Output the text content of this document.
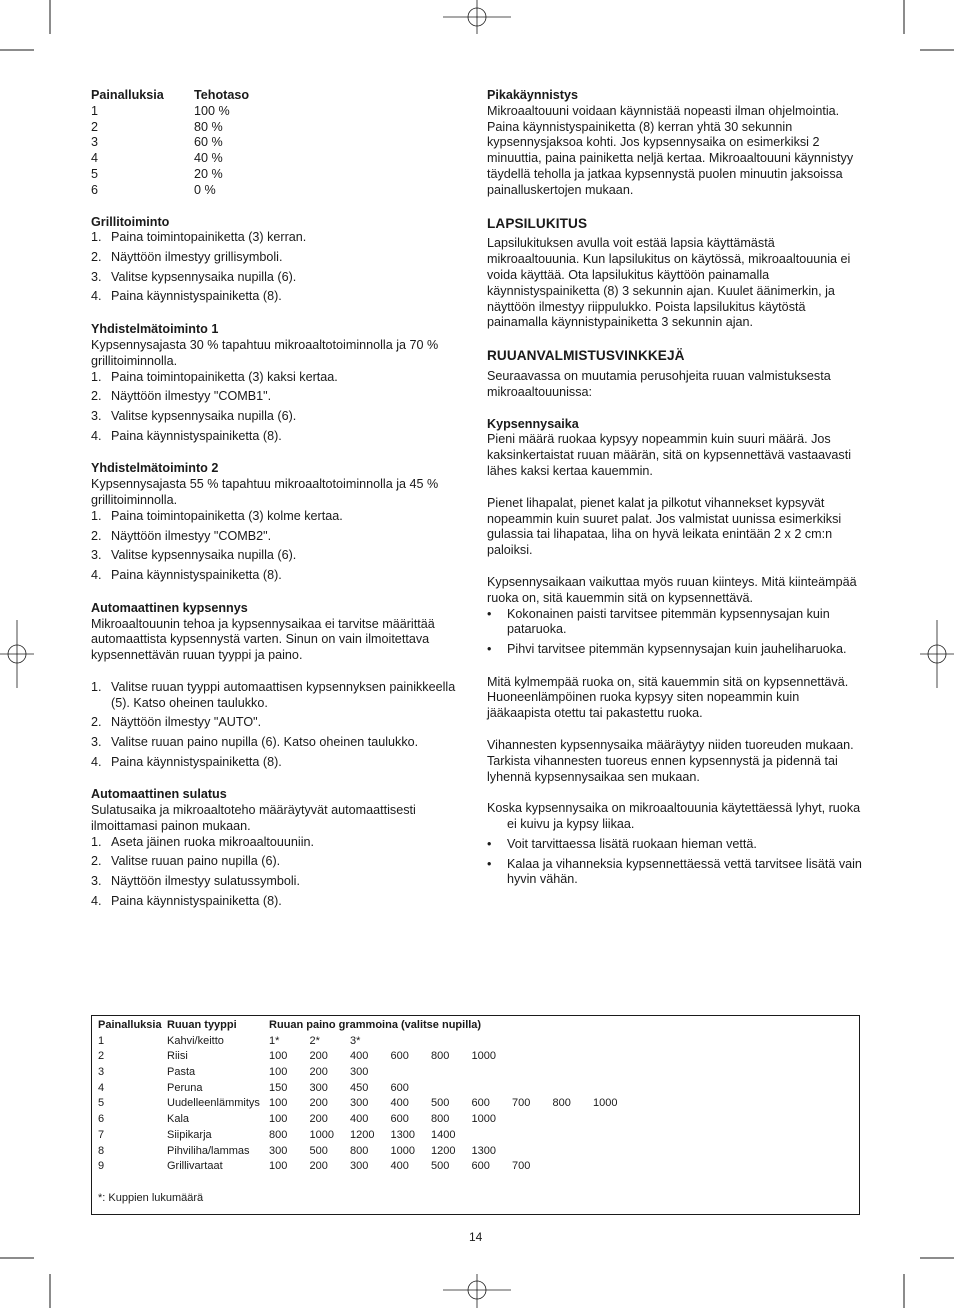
Painalluksia	Tehotaso
1	100 %
2	80 %
3	60 %
4	40 %
5	20 %
6	0 %

Grillitoiminto

1. Paina toimintopainiketta (3) kerran.
2. Näyttöön ilmestyy grillisymboli.
3. Valitse kypsennysaika nupilla (6).
4. Paina käynnistyspainiketta (8).

Yhdistelmätoiminto 1

Kypsennysajasta 30 % tapahtuu mikroaaltotoiminnolla ja 70 % grillitoiminnolla.

1. Paina toimintopainiketta (3) kaksi kertaa.
2. Näyttöön ilmestyy "COMB1".
3. Valitse kypsennysaika nupilla (6).
4. Paina käynnistyspainiketta (8).

Yhdistelmätoiminto 2

Kypsennysajasta 55 % tapahtuu mikroaaltotoiminnolla ja 45 % grillitoiminnolla.

1. Paina toimintopainiketta (3) kolme kertaa.
2. Näyttöön ilmestyy "COMB2".
3. Valitse kypsennysaika nupilla (6).
4. Paina käynnistyspainiketta (8).

Automaattinen kypsennys

Mikroaaltouunin tehoa ja kypsennysaikaa ei tarvitse määrittää automaattista kypsennystä varten. Sinun on vain ilmoitettava kypsennettävän ruuan tyyppi ja paino.

1. Valitse ruuan tyyppi automaattisen kypsennyksen painikkeella (5). Katso oheinen taulukko.
2. Näyttöön ilmestyy "AUTO".
3. Valitse ruuan paino nupilla (6). Katso oheinen taulukko.
4. Paina käynnistyspainiketta (8).

Automaattinen sulatus

Sulatusaika ja mikroaaltoteho määräytyvät automaattisesti ilmoittamasi painon mukaan.

1. Aseta jäinen ruoka mikroaaltouuniin.
2. Valitse ruuan paino nupilla (6).
3. Näyttöön ilmestyy sulatussymboli.
4. Paina käynnistyspainiketta (8).

Pikakäynnistys

Mikroaaltouuni voidaan käynnistää nopeasti ilman ohjelmointia. Paina käynnistyspainiketta (8) kerran yhtä 30 sekunnin kypsennysjaksoa kohti. Jos kypsennysaika on esimerkiksi 2 minuuttia, paina painiketta neljä kertaa. Mikroaaltouuni käynnistyy täydellä teholla ja jatkaa kypsennystä puolen minuutin jaksoissa painalluskertojen mukaan.

LAPSILUKITUS

Lapsilukituksen avulla voit estää lapsia käyttämästä mikroaaltouunia. Kun lapsilukitus on käytössä, mikroaaltouunia ei voida käyttää. Ota lapsilukitus käyttöön painamalla käynnistyspainiketta (8) 3 sekunnin ajan. Kuulet äänimerkin, ja näyttöön ilmestyy riippulukko. Poista lapsilukitus käytöstä painamalla käynnistypainiketta 3 sekunnin ajan.

RUUANVALMISTUSVINKKEJÄ

Seuraavassa on muutamia perusohjeita ruuan valmistuksesta mikroaaltouunissa:

Kypsennysaika

Pieni määrä ruokaa kypsyy nopeammin kuin suuri määrä. Jos kaksinkertaistat ruuan määrän, sitä on kypsennettävä vastaavasti lähes kaksi kertaa kauemmin.

Pienet lihapalat, pienet kalat ja pilkotut vihannekset kypsyvät nopeammin kuin suuret palat. Jos valmistat uunissa esimerkiksi gulassia tai lihapataa, liha on hyvä leikata enintään 2 x 2 cm:n paloiksi.

Kypsennysaikaan vaikuttaa myös ruuan kiinteys. Mitä kiinteämpää ruoka on, sitä kauemmin sitä on kypsennettävä.

• Kokonainen paisti tarvitsee pitemmän kypsennysajan kuin pataruoka.
• Pihvi tarvitsee pitemmän kypsennysajan kuin jauheliharuoka.

Mitä kylmempää ruoka on, sitä kauemmin sitä on kypsennettävä. Huoneenlämpöinen ruoka kypsyy siten nopeammin kuin jääkaapista otettu tai pakastettu ruoka.

Vihannesten kypsennysaika määräytyy niiden tuoreuden mukaan. Tarkista vihannesten tuoreus ennen kypsennystä ja pidennä tai lyhennä kypsennysaikaa sen mukaan.

Koska kypsennysaika on mikroaaltouunia käytettäessä lyhyt, ruoka ei kuivu ja kypsy liikaa.

• Voit tarvittaessa lisätä ruokaan hieman vettä.
• Kalaa ja vihanneksia kypsennettäessä vettä tarvitsee lisätä vain hyvin vähän.
Painalluksia	Ruuan tyyppi	Ruuan paino grammoina (valitse nupilla)								
1	Kahvi/keitto	1*	2*	3*						
2	Riisi	100	200	400	600	800	1000			
3	Pasta	100	200	300						
4	Peruna	150	300	450	600					
5	Uudelleenlämmitys	100	200	300	400	500	600	700	800	1000
6	Kala	100	200	400	600	800	1000			
7	Siipikarja	800	1000	1200	1300	1400				
8	Pihviliha/lammas	300	500	800	1000	1200	1300			
9	Grillivartaat	100	200	300	400	500	600	700		
*: Kuppien lukumäärä
14
